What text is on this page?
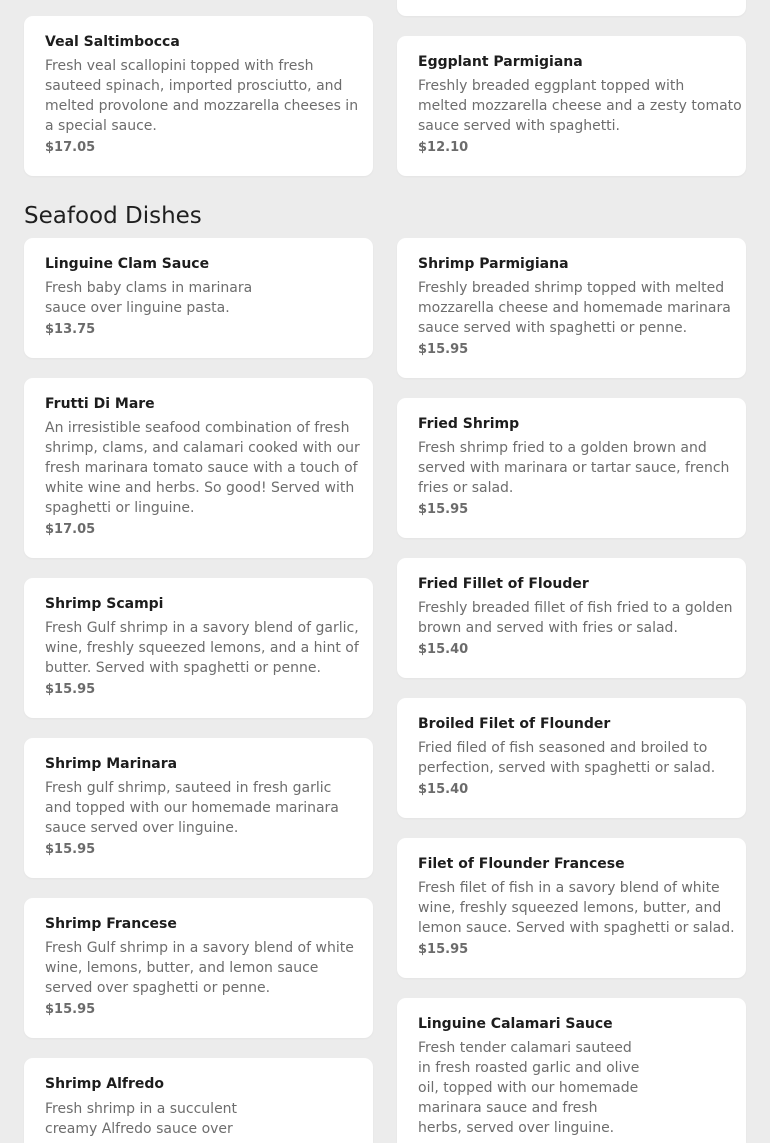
Veal Saltimbocca
Fresh veal scallopini topped with fresh
sauteed spinach, imported prosciutto, and
melted provolone and mozzarella cheeses in
a special sauce.
$17.05
Eggplant Parmigiana
Freshly breaded eggplant topped with
melted mozzarella cheese and a zesty tomato
sauce served with spaghetti.
$12.10
Seafood Dishes
Linguine Clam Sauce
Fresh baby clams in marinara
sauce over linguine pasta.
$13.75
Shrimp Parmigiana
Freshly breaded shrimp topped with melted
mozzarella cheese and homemade marinara
sauce served with spaghetti or penne.
$15.95
Frutti Di Mare
An irresistible seafood combination of fresh
shrimp, clams, and calamari cooked with our
fresh marinara tomato sauce with a touch of
white wine and herbs. So good! Served with
spaghetti or linguine.
$17.05
Fried Shrimp
Fresh shrimp fried to a golden brown and
served with marinara or tartar sauce, french
fries or salad.
$15.95
Shrimp Scampi
Fresh Gulf shrimp in a savory blend of garlic,
wine, freshly squeezed lemons, and a hint of
butter. Served with spaghetti or penne.
$15.95
Fried Fillet of Flouder
Freshly breaded fillet of fish fried to a golden
brown and served with fries or salad.
$15.40
Shrimp Marinara
Fresh gulf shrimp, sauteed in fresh garlic
and topped with our homemade marinara
sauce served over linguine.
$15.95
Broiled Filet of Flounder
Fried filed of fish seasoned and broiled to
perfection, served with spaghetti or salad.
$15.40
Shrimp Francese
Fresh Gulf shrimp in a savory blend of white
wine, lemons, butter, and lemon sauce
served over spaghetti or penne.
$15.95
Filet of Flounder Francese
Fresh filet of fish in a savory blend of white
wine, freshly squeezed lemons, butter, and
lemon sauce. Served with spaghetti or salad.
$15.95
Shrimp Alfredo
Fresh shrimp in a succulent
creamy Alfredo sauce over
Linguine Calamari Sauce
Fresh tender calamari sauteed
in fresh roasted garlic and olive
oil, topped with our homemade
marinara sauce and fresh
herbs, served over linguine.
